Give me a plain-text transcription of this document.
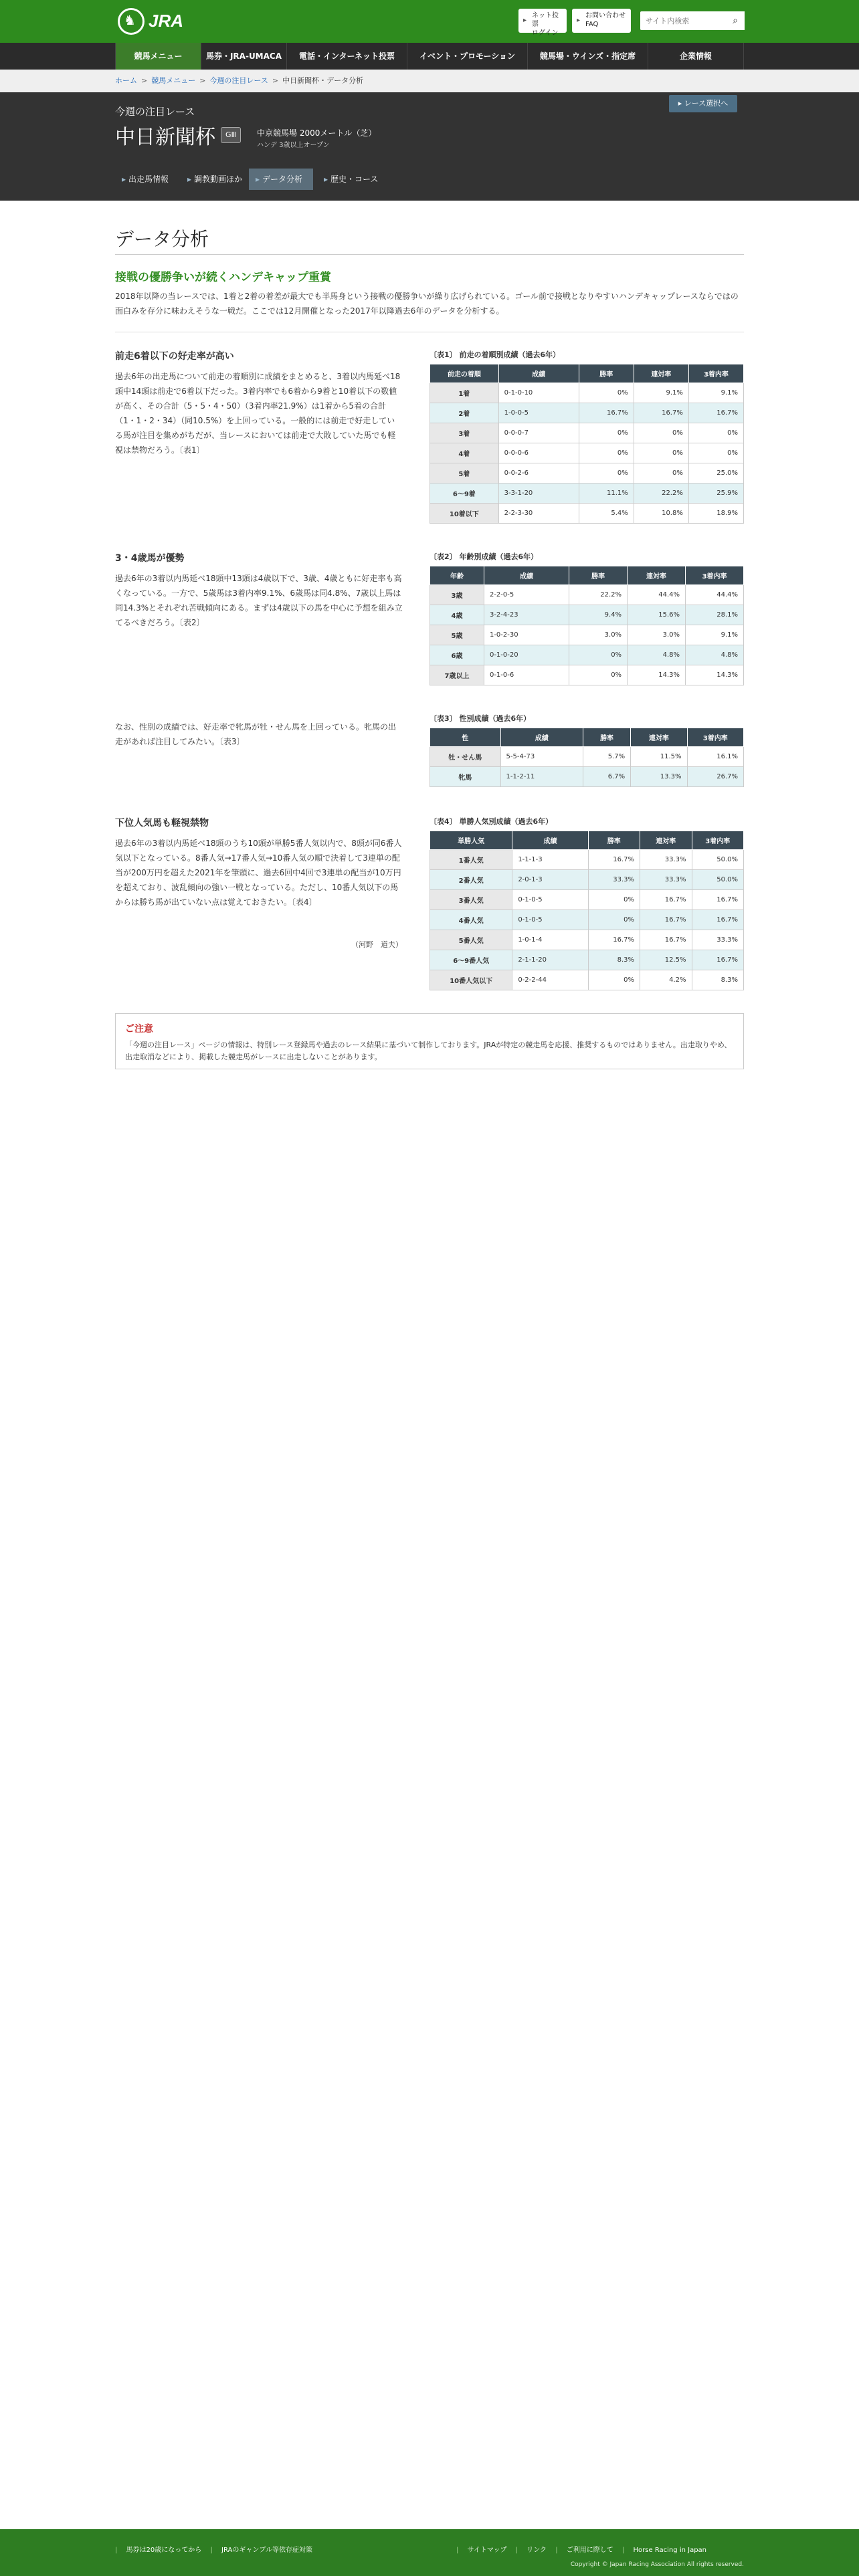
♞ JRA	▸
ネット投票
ログイン
▸
お問い合わせ
FAQ
サイト内検索	⌕
競馬メニュー	馬券・JRA-UMACA	電話・インターネット投票	イベント・プロモーション	競馬場・ウインズ・指定席	企業情報
ホーム > 競馬メニュー > 今週の注目レース > 中日新聞杯・データ分析
今週の注目レース
中日新聞杯	GⅢ	中京競馬場 2000メートル（芝）
ハンデ 3歳以上オープン
▸ レース選択へ
▸ 出走馬情報	▸ 調教動画ほか	▸ データ分析	▸ 歴史・コース
データ分析
接戦の優勝争いが続くハンデキャップ重賞

2018年以降の当レースでは、1着と2着の着差が最大でも半馬身という接戦の優勝争いが繰り広げられている。ゴール前で接戦となりやすいハンデキャップレースならではの面白みを存分に味わえそうな一戦だ。ここでは12月開催となった2017年以降過去6年のデータを分析する。

前走6着以下の好走率が高い

過去6年の出走馬について前走の着順別に成績をまとめると、3着以内馬延べ18頭中14頭は前走で6着以下だった。3着内率でも6着から9着と10着以下の数値が高く、その合計（5・5・4・50）（3着内率21.9%）は1着から5着の合計（1・1・2・34）（同10.5%）を上回っている。一般的には前走で好走している馬が注目を集めがちだが、当レースにおいては前走で大敗していた馬でも軽視は禁物だろう。〔表1〕

〔表1〕 前走の着順別成績（過去6年）
前走の着順	成績	勝率	連対率	3着内率
1着	0-1-0-10	0%	9.1%	9.1%
2着	1-0-0-5	16.7%	16.7%	16.7%
3着	0-0-0-7	0%	0%	0%
4着	0-0-0-6	0%	0%	0%
5着	0-0-2-6	0%	0%	25.0%
6～9着	3-3-1-20	11.1%	22.2%	25.9%
10着以下	2-2-3-30	5.4%	10.8%	18.9%
3・4歳馬が優勢

過去6年の3着以内馬延べ18頭中13頭は4歳以下で、3歳、4歳ともに好走率も高くなっている。一方で、5歳馬は3着内率9.1%、6歳馬は同4.8%、7歳以上馬は同14.3%とそれぞれ苦戦傾向にある。まずは4歳以下の馬を中心に予想を組み立てるべきだろう。〔表2〕

〔表2〕 年齢別成績（過去6年）
年齢	成績	勝率	連対率	3着内率
3歳	2-2-0-5	22.2%	44.4%	44.4%
4歳	3-2-4-23	9.4%	15.6%	28.1%
5歳	1-0-2-30	3.0%	3.0%	9.1%
6歳	0-1-0-20	0%	4.8%	4.8%
7歳以上	0-1-0-6	0%	14.3%	14.3%

なお、性別の成績では、好走率で牝馬が牡・せん馬を上回っている。牝馬の出走があれば注目してみたい。〔表3〕

〔表3〕 性別成績（過去6年）
性	成績	勝率	連対率	3着内率
牡・せん馬	5-5-4-73	5.7%	11.5%	16.1%
牝馬	1-1-2-11	6.7%	13.3%	26.7%
下位人気馬も軽視禁物

過去6年の3着以内馬延べ18頭のうち10頭が単勝5番人気以内で、8頭が同6番人気以下となっている。8番人気→17番人気→10番人気の順で決着して3連単の配当が200万円を超えた2021年を筆頭に、過去6回中4回で3連単の配当が10万円を超えており、波乱傾向の強い一戦となっている。ただし、10番人気以下の馬からは勝ち馬が出ていない点は覚えておきたい。〔表4〕

（河野　道夫）
〔表4〕 単勝人気別成績（過去6年）
単勝人気	成績	勝率	連対率	3着内率
1番人気	1-1-1-3	16.7%	33.3%	50.0%
2番人気	2-0-1-3	33.3%	33.3%	50.0%
3番人気	0-1-0-5	0%	16.7%	16.7%
4番人気	0-1-0-5	0%	16.7%	16.7%
5番人気	1-0-1-4	16.7%	16.7%	33.3%
6～9番人気	2-1-1-20	8.3%	12.5%	16.7%
10番人気以下	0-2-2-44	0%	4.2%	8.3%
ご注意
「今週の注目レース」ページの情報は、特別レース登録馬や過去のレース結果に基づいて制作しております。JRAが特定の競走馬を応援、推奨するものではありません。出走取りやめ、出走取消などにより、掲載した競走馬がレースに出走しないことがあります。
| 馬券は20歳になってから | JRAのギャンブル等依存症対策	| サイトマップ | リンク | ご利用に際して | Horse Racing in Japan
Copyright © Japan Racing Association All rights reserved.
